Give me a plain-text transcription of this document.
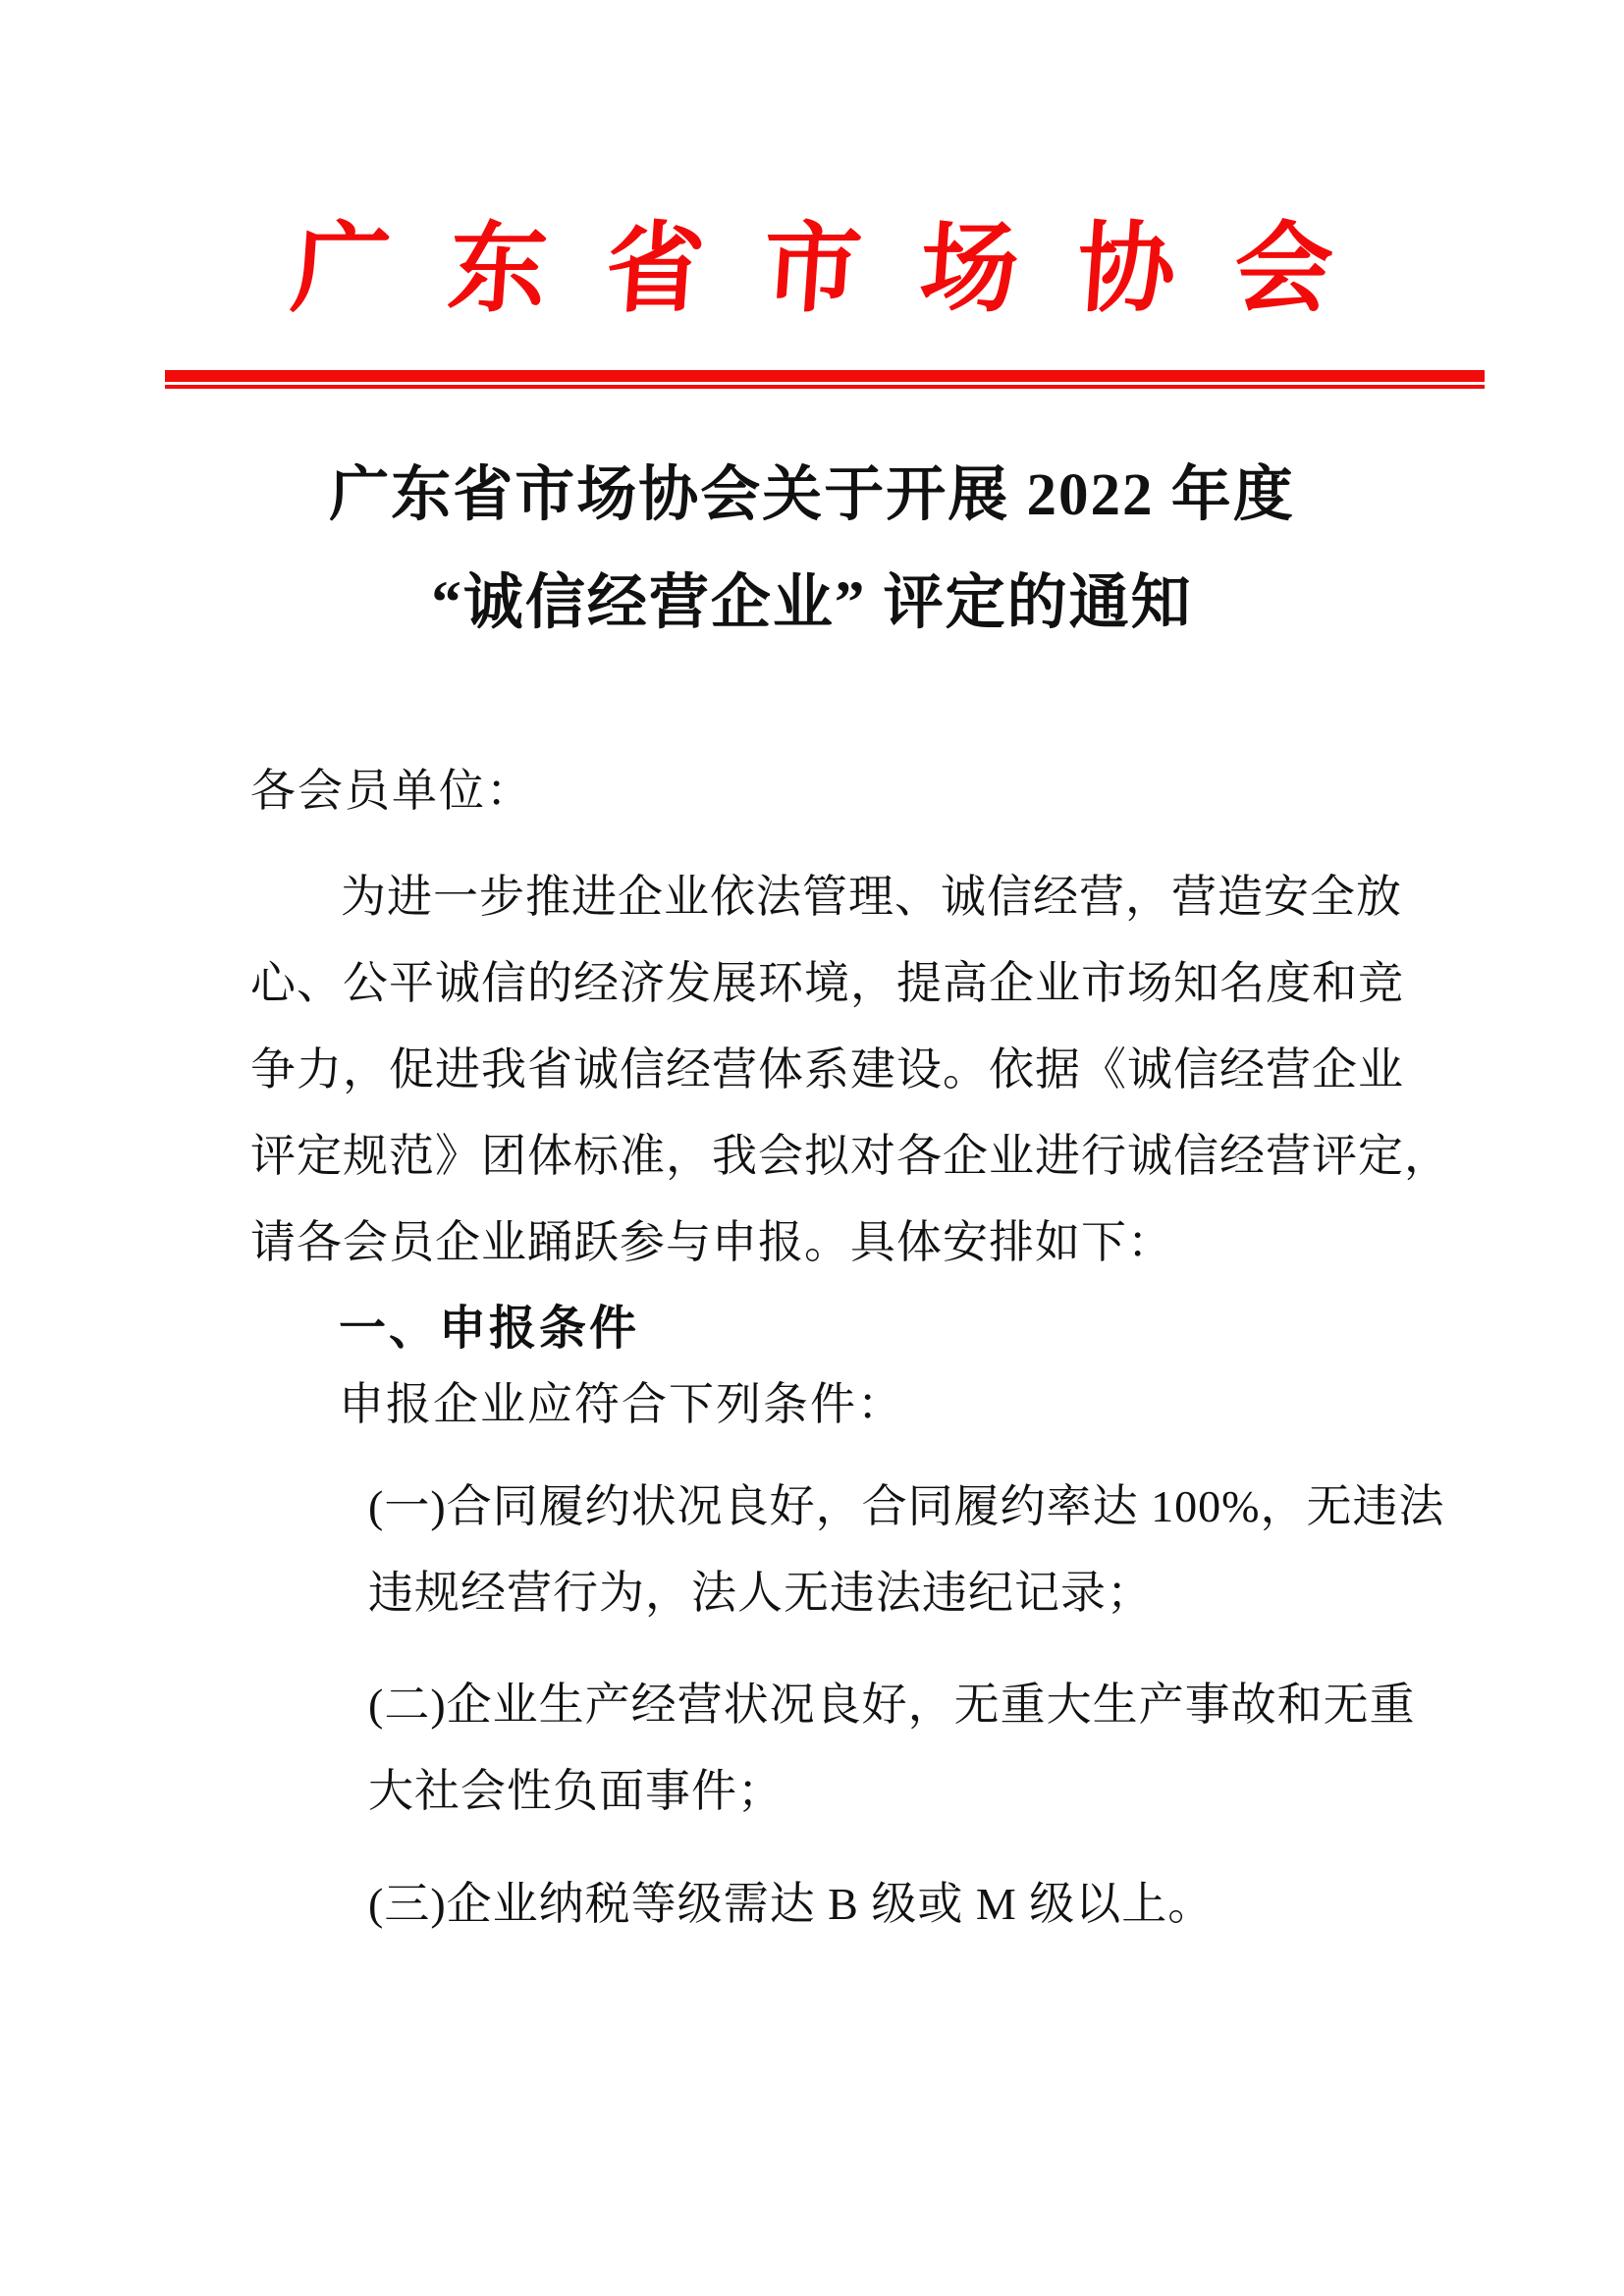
广东省市场协会
广东省市场协会关于开展 2022 年度
“诚信经营企业” 评定的通知
各会员单位：
为进一步推进企业依法管理、诚信经营，营造安全放
心、公平诚信的经济发展环境，提高企业市场知名度和竞
争力，促进我省诚信经营体系建设。依据《诚信经营企业
评定规范》团体标准，我会拟对各企业进行诚信经营评定，
请各会员企业踊跃参与申报。具体安排如下：
一、申报条件
申报企业应符合下列条件：
(一)合同履约状况良好，合同履约率达 100%，无违法
违规经营行为，法人无违法违纪记录；
(二)企业生产经营状况良好，无重大生产事故和无重
大社会性负面事件；
(三)企业纳税等级需达 B 级或 M 级以上。
